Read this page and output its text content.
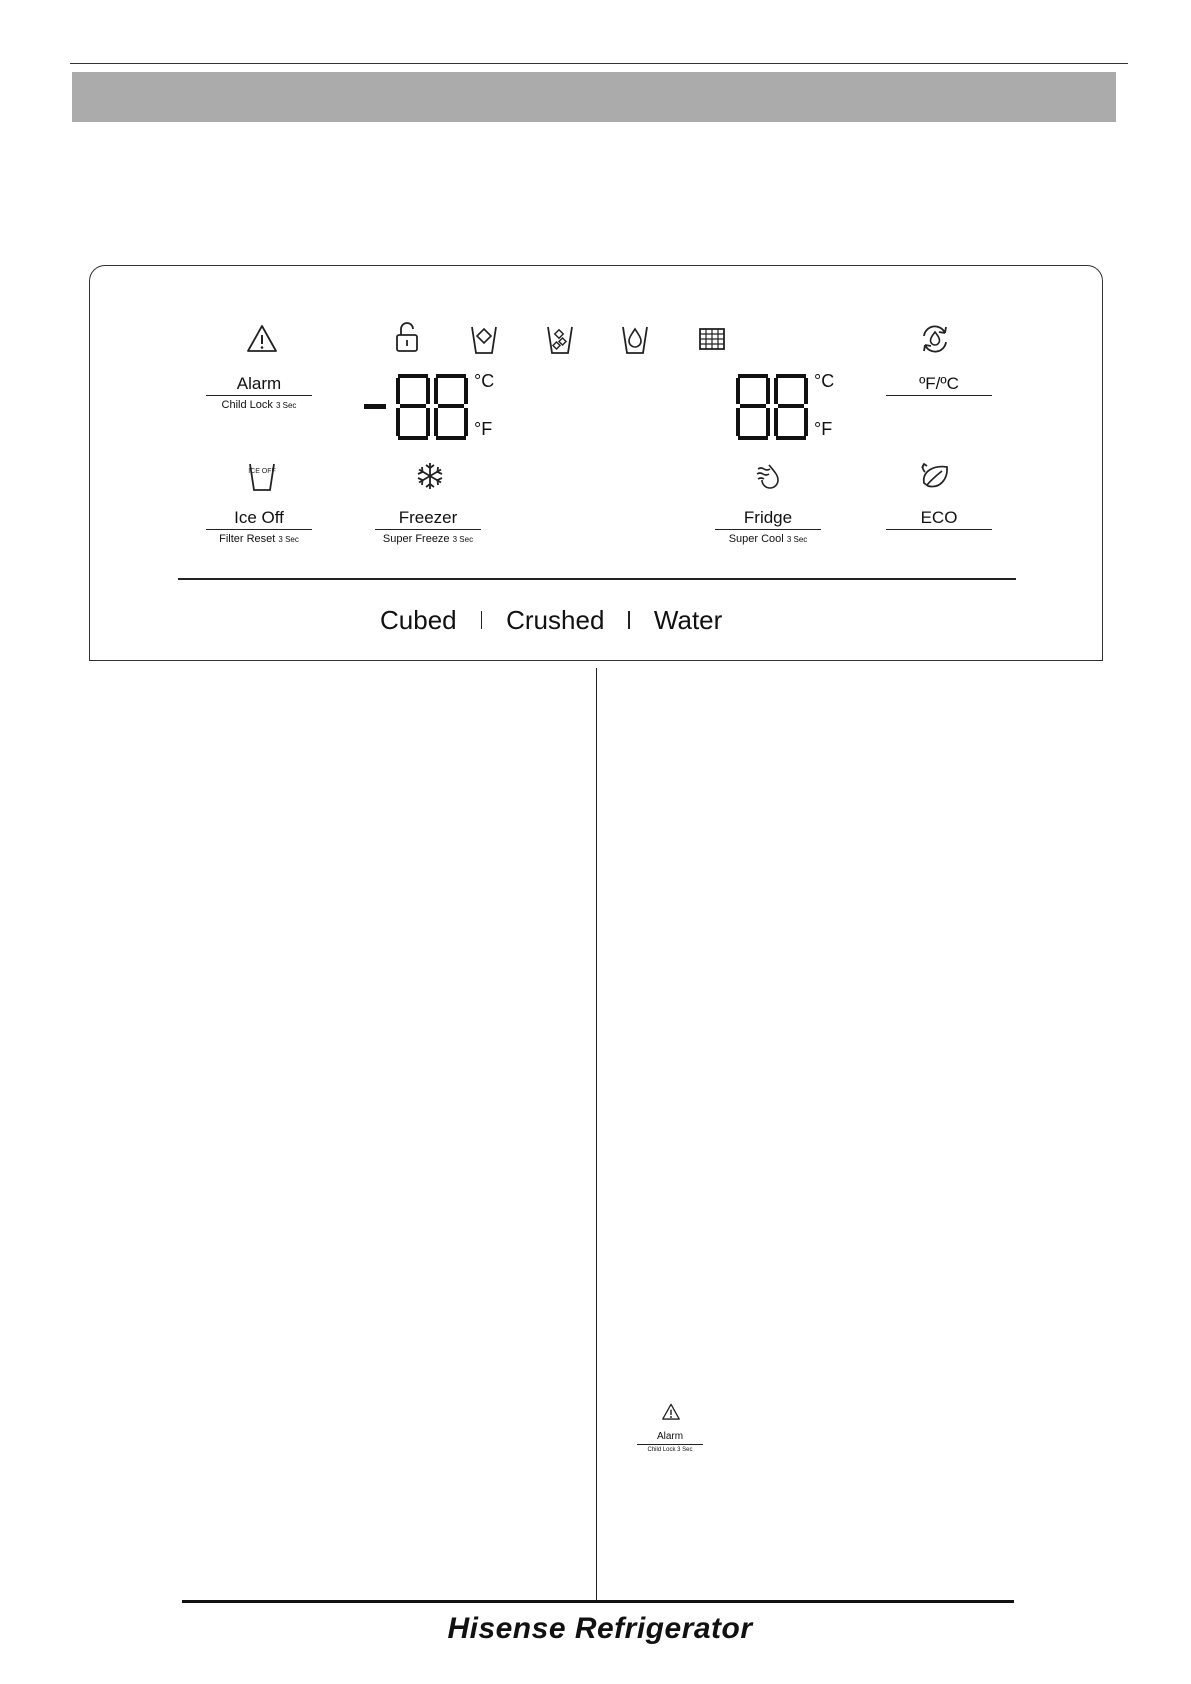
Alarm
Child Lock 3 Sec
°C
°F
°C
°F
ºF/ºC
ICE OFF
Ice Off
Filter Reset 3 Sec
Freezer
Super Freeze 3 Sec
Fridge
Super Cool 3 Sec
ECO
Cubed Crushed Water
Alarm
Child Lock 3 Sec
Hisense Refrigerator
